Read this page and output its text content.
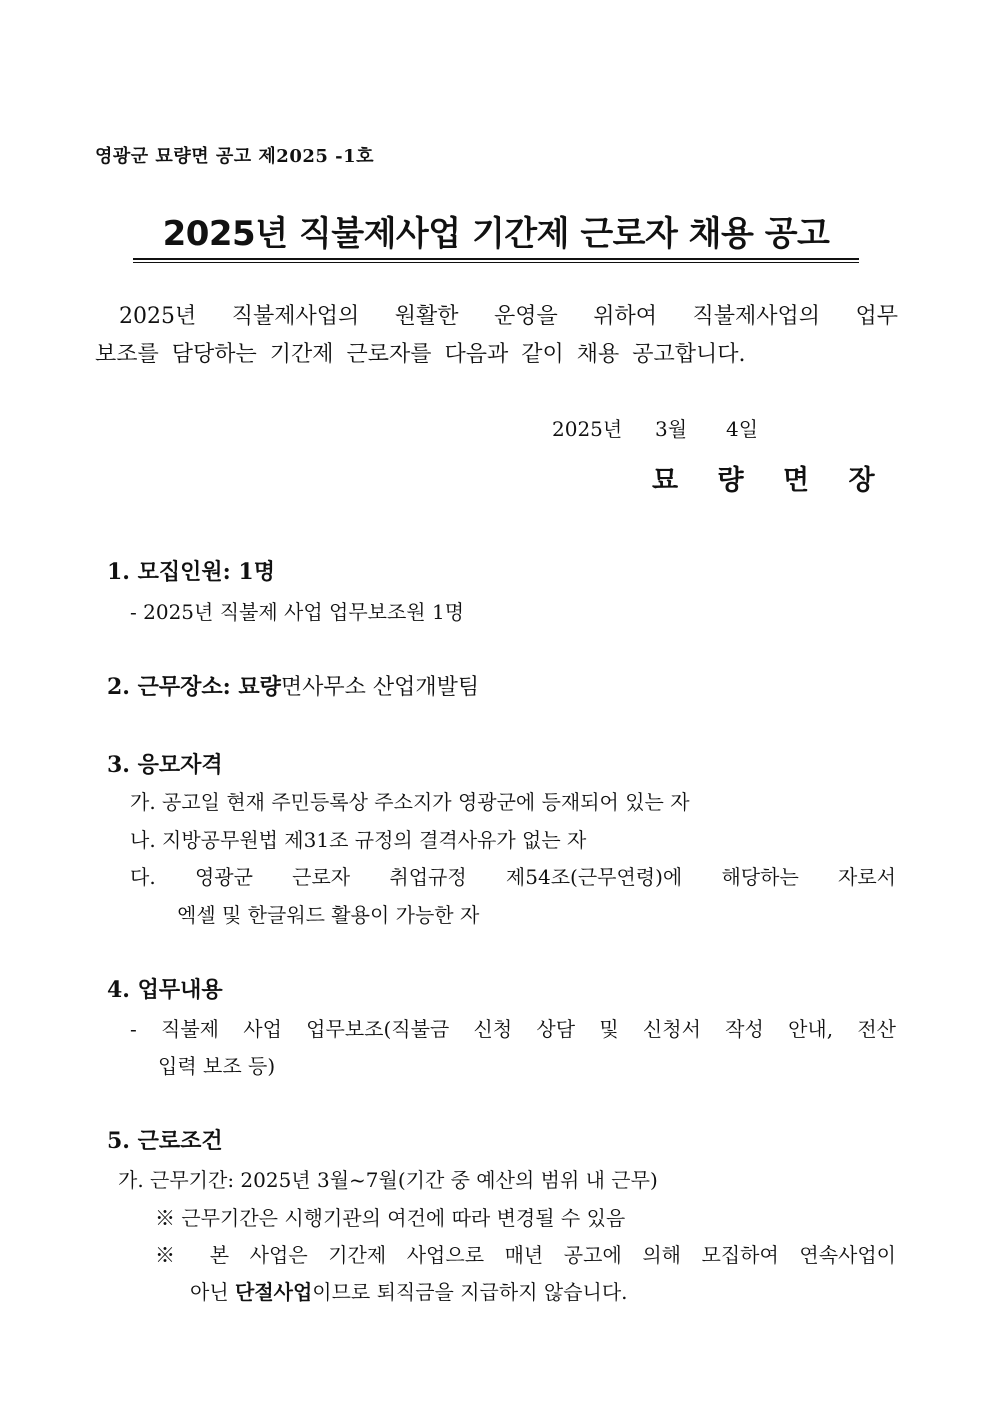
영광군 묘량면 공고 제2025 -1호
2025년 직불제사업 기간제 근로자 채용 공고
2025년 직불제사업의 원활한 운영을 위하여 직불제사업의 업무
보조를 담당하는 기간제 근로자를 다음과 같이 채용 공고합니다.
2025년 3월 4일
묘 량 면 장
1. 모집인원: 1명
- 2025년 직불제 사업 업무보조원 1명
2. 근무장소: 묘량면사무소 산업개발팀
3. 응모자격
가. 공고일 현재 주민등록상 주소지가 영광군에 등재되어 있는 자
나. 지방공무원법 제31조 규정의 결격사유가 없는 자
다. 영광군 근로자 취업규정 제54조(근무연령)에 해당하는 자로서
엑셀 및 한글워드 활용이 가능한 자
4. 업무내용
- 직불제 사업 업무보조(직불금 신청 상담 및 신청서 작성 안내, 전산
입력 보조 등)
5. 근로조건
가. 근무기간: 2025년 3월~7월(기간 중 예산의 범위 내 근무)
※ 근무기간은 시행기관의 여건에 따라 변경될 수 있음
※ 본 사업은 기간제 사업으로 매년 공고에 의해 모집하여 연속사업이
아닌 단절사업이므로 퇴직금을 지급하지 않습니다.
